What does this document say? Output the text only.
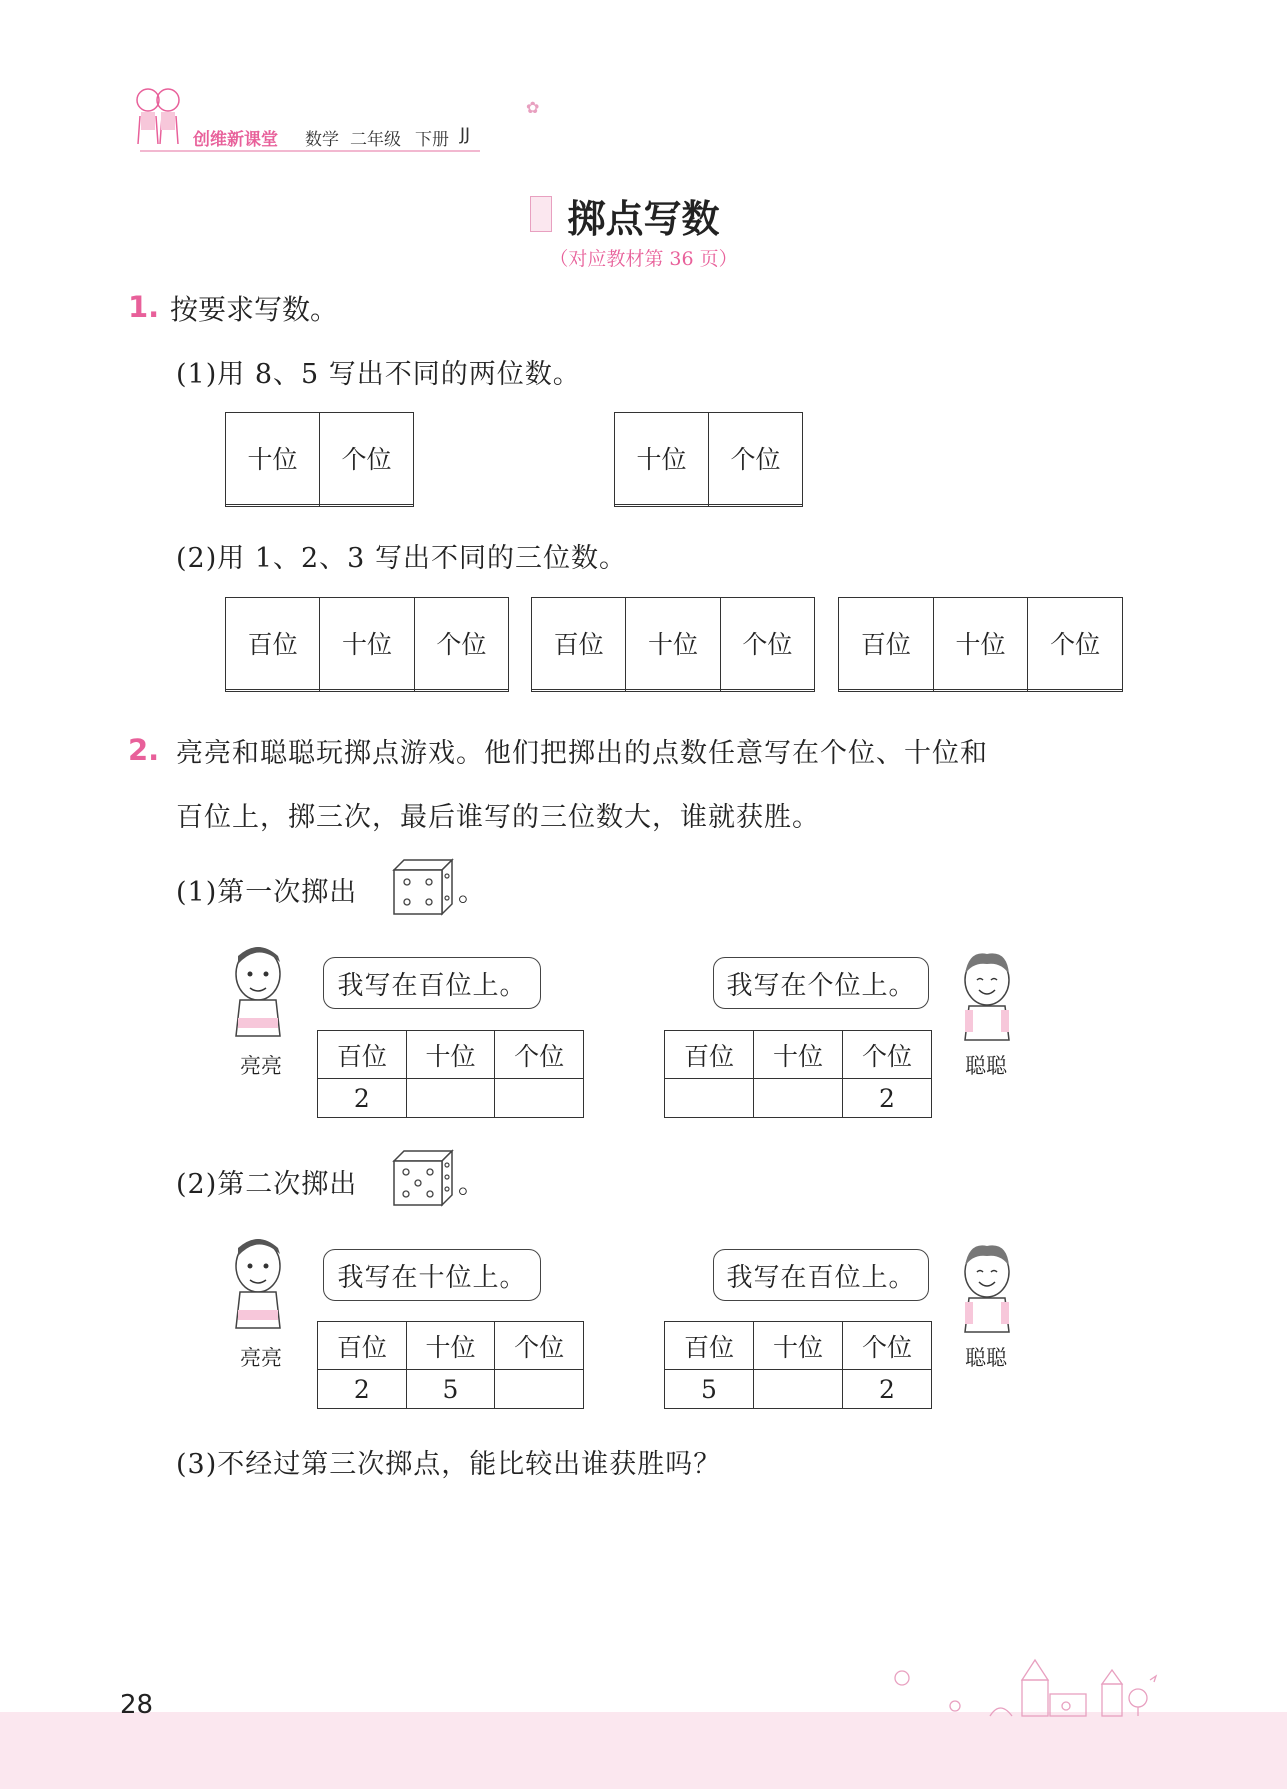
创维新课堂 数学 二年级 下册 JJ
✿
掷点写数
（对应教材第 36 页）
1. 按要求写数。
(1)用 8、5 写出不同的两位数。
十位	个位
		十位	个位

(2)用 1、2、3 写出不同的三位数。
百位	十位	个位
			百位	十位	个位
			百位	十位	个位

2. 亮亮和聪聪玩掷点游戏。他们把掷出的点数任意写在个位、十位和
百位上，掷三次，最后谁写的三位数大，谁就获胜。
(1)第一次掷出	。
亮亮
我写在百位上。
百位	十位	个位
2		
我写在个位上。
聪聪
百位	十位	个位
		2
(2)第二次掷出	。
亮亮
我写在十位上。
百位	十位	个位
2	5	
我写在百位上。
聪聪
百位	十位	个位
5		2
(3)不经过第三次掷点，能比较出谁获胜吗？
28
